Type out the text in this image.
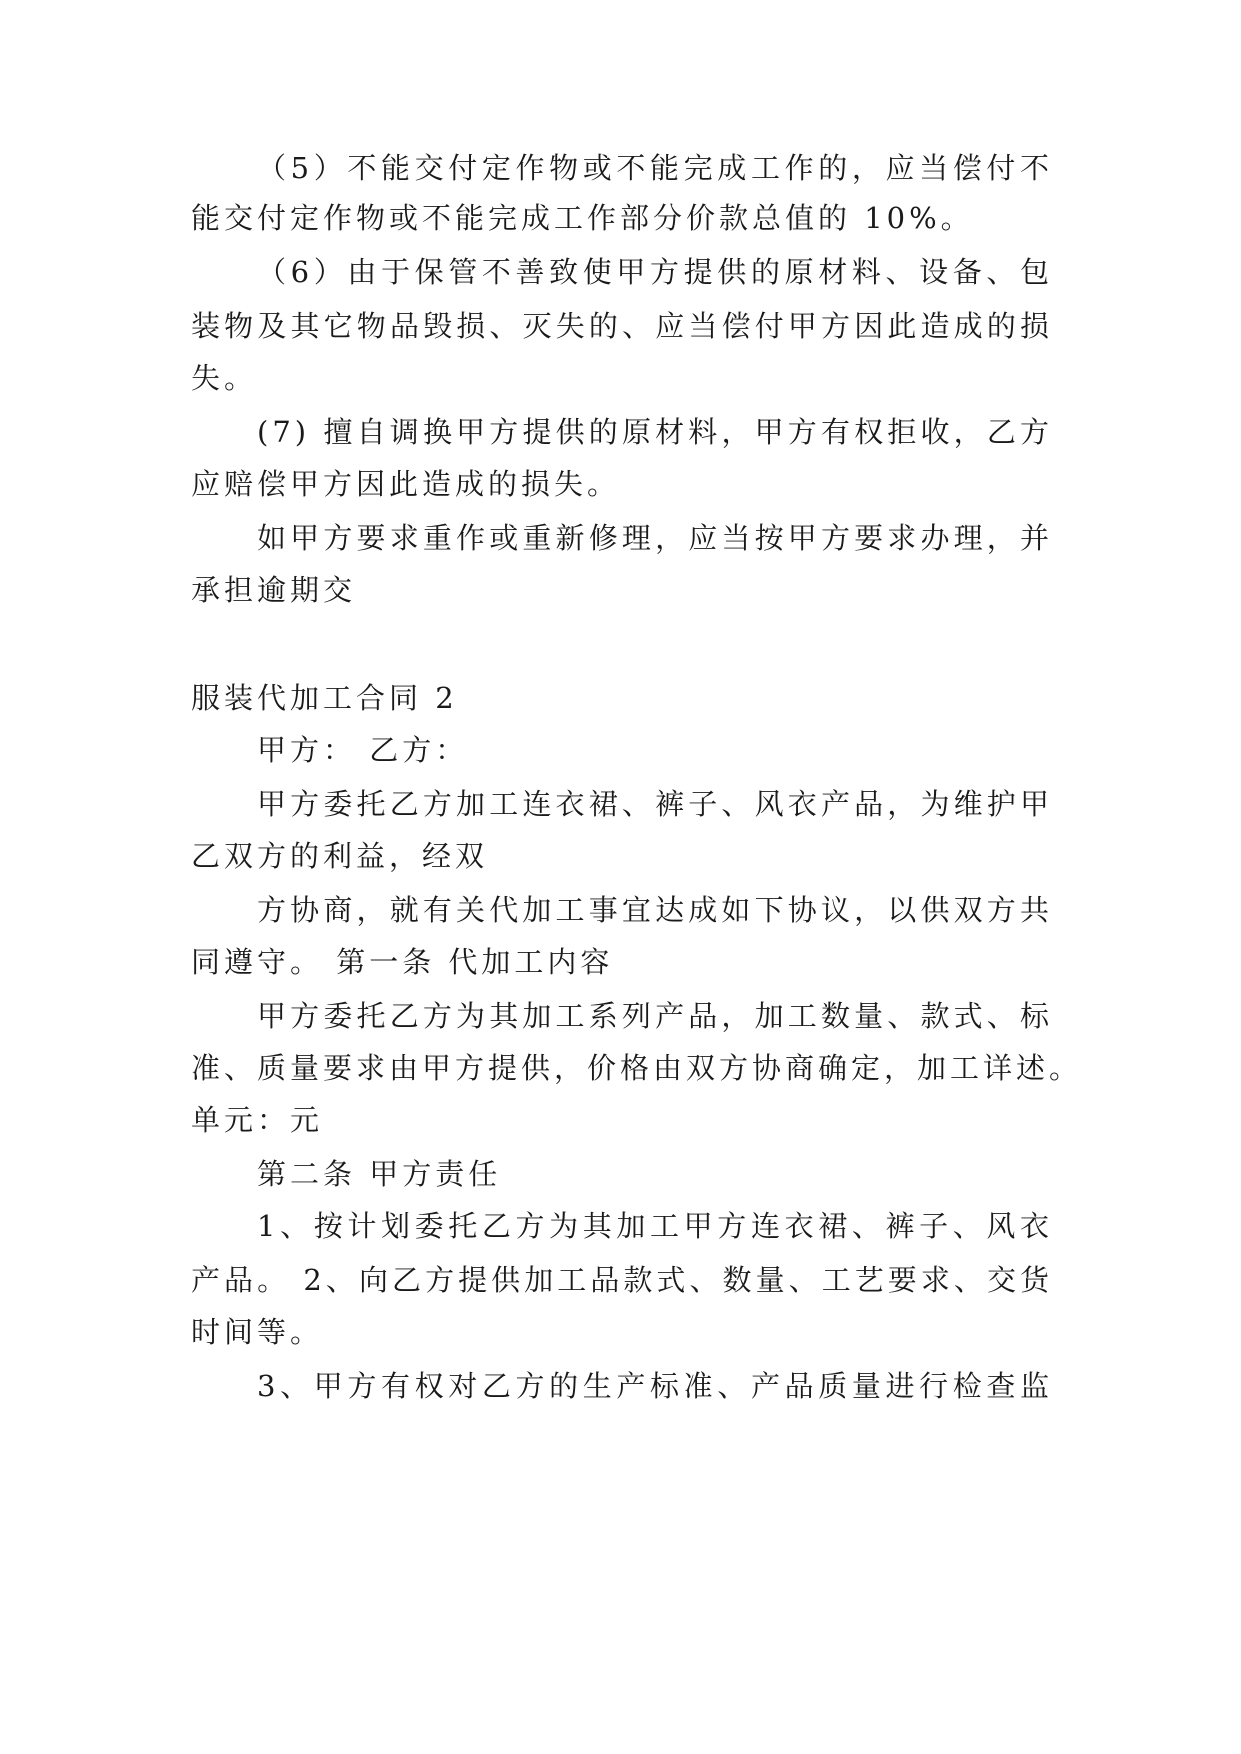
（5）不能交付定作物或不能完成工作的，应当偿付不
能交付定作物或不能完成工作部分价款总值的 10%。
（6）由于保管不善致使甲方提供的原材料、设备、包
装物及其它物品毁损、灭失的、应当偿付甲方因此造成的损
失。
(7) 擅自调换甲方提供的原材料，甲方有权拒收，乙方
应赔偿甲方因此造成的损失。
如甲方要求重作或重新修理，应当按甲方要求办理，并
承担逾期交
服装代加工合同 2
甲方： 乙方：
甲方委托乙方加工连衣裙、裤子、风衣产品，为维护甲
乙双方的利益，经双
方协商，就有关代加工事宜达成如下协议，以供双方共
同遵守。 第一条 代加工内容
甲方委托乙方为其加工系列产品，加工数量、款式、标
准、质量要求由甲方提供，价格由双方协商确定，加工详述。
单元：元
第二条 甲方责任
1、按计划委托乙方为其加工甲方连衣裙、裤子、风衣
产品。 2、向乙方提供加工品款式、数量、工艺要求、交货
时间等。
3、甲方有权对乙方的生产标准、产品质量进行检查监
